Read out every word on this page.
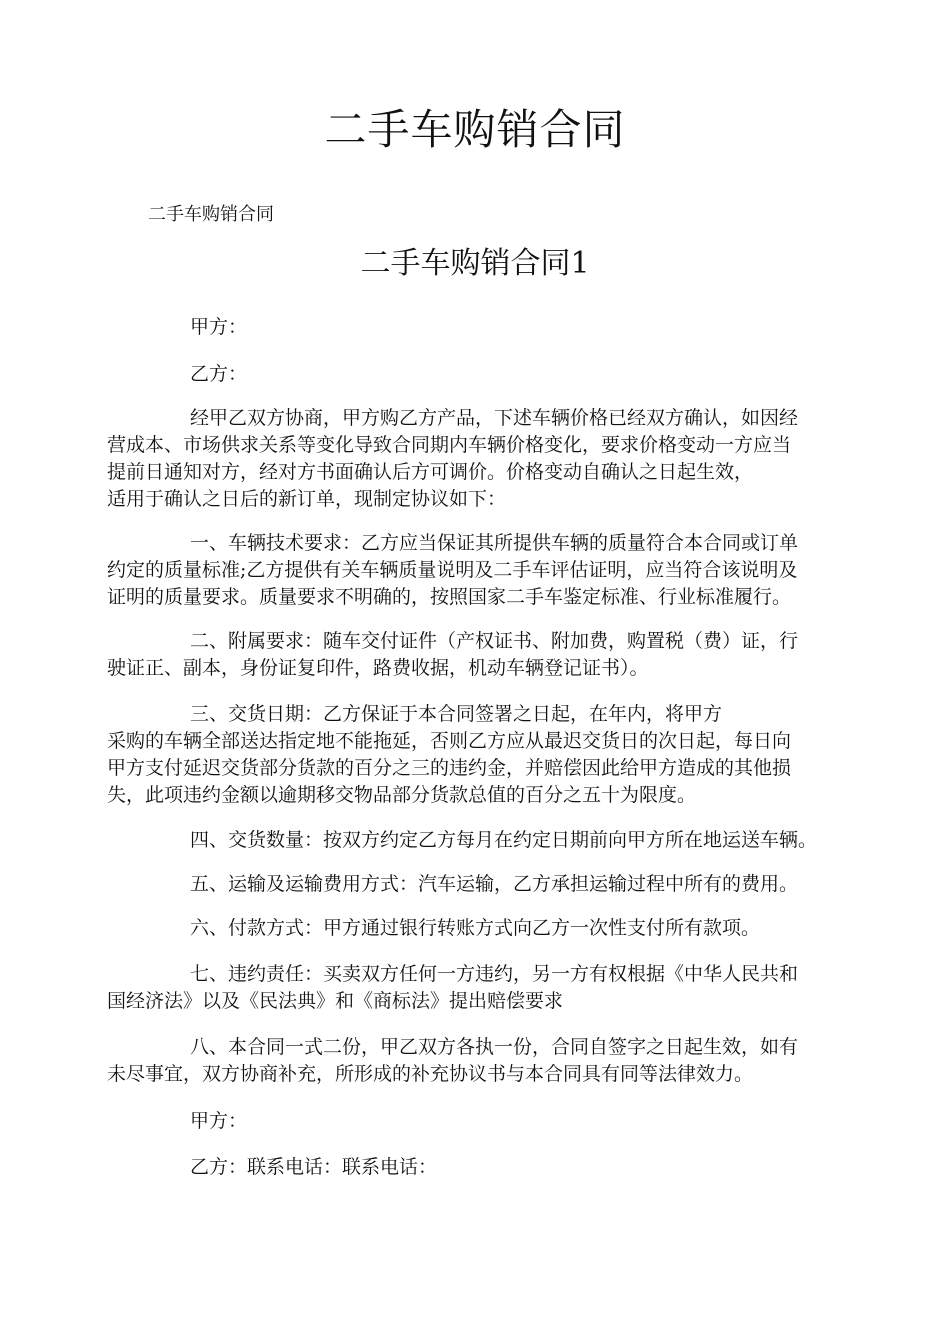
二手车购销合同

二手车购销合同

二手车购销合同1

甲方：

乙方：

经甲乙双方协商，甲方购乙方产品，下述车辆价格已经双方确认，如因经

营成本、市场供求关系等变化导致合同期内车辆价格变化，要求价格变动一方应当

提前日通知对方，经对方书面确认后方可调价。价格变动自确认之日起生效，

适用于确认之日后的新订单，现制定协议如下：

一、车辆技术要求：乙方应当保证其所提供车辆的质量符合本合同或订单

约定的质量标准;乙方提供有关车辆质量说明及二手车评估证明，应当符合该说明及

证明的质量要求。质量要求不明确的，按照国家二手车鉴定标准、行业标准履行。

二、附属要求：随车交付证件（产权证书、附加费，购置税（费）证，行

驶证正、副本，身份证复印件，路费收据，机动车辆登记证书）。

三、交货日期：乙方保证于本合同签署之日起，在年内，将甲方

采购的车辆全部送达指定地不能拖延，否则乙方应从最迟交货日的次日起，每日向

甲方支付延迟交货部分货款的百分之三的违约金，并赔偿因此给甲方造成的其他损

失，此项违约金额以逾期移交物品部分货款总值的百分之五十为限度。

四、交货数量：按双方约定乙方每月在约定日期前向甲方所在地运送车辆。

五、运输及运输费用方式：汽车运输，乙方承担运输过程中所有的费用。

六、付款方式：甲方通过银行转账方式向乙方一次性支付所有款项。

七、违约责任：买卖双方任何一方违约，另一方有权根据《中华人民共和

国经济法》以及《民法典》和《商标法》提出赔偿要求

八、本合同一式二份，甲乙双方各执一份，合同自签字之日起生效，如有

未尽事宜，双方协商补充，所形成的补充协议书与本合同具有同等法律效力。

甲方：

乙方：联系电话：联系电话：
